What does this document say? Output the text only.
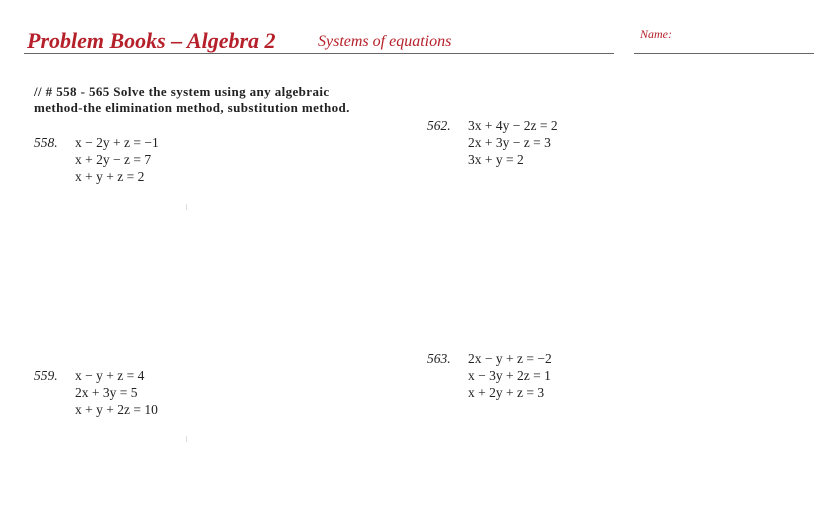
Problem Books – Algebra 2	Systems of equations	Name:
// # 558 - 565 Solve the system using any algebraic
method-the elimination method, substitution method.
558. x − 2y + z = −1
x + 2y − z = 7
x + y + z = 2
559. x − y + z = 4
2x + 3y = 5
x + y + 2z = 10
562. 3x + 4y − 2z = 2
2x + 3y − z = 3
3x + y = 2
563. 2x − y + z = −2
x − 3y + 2z = 1
x + 2y + z = 3
